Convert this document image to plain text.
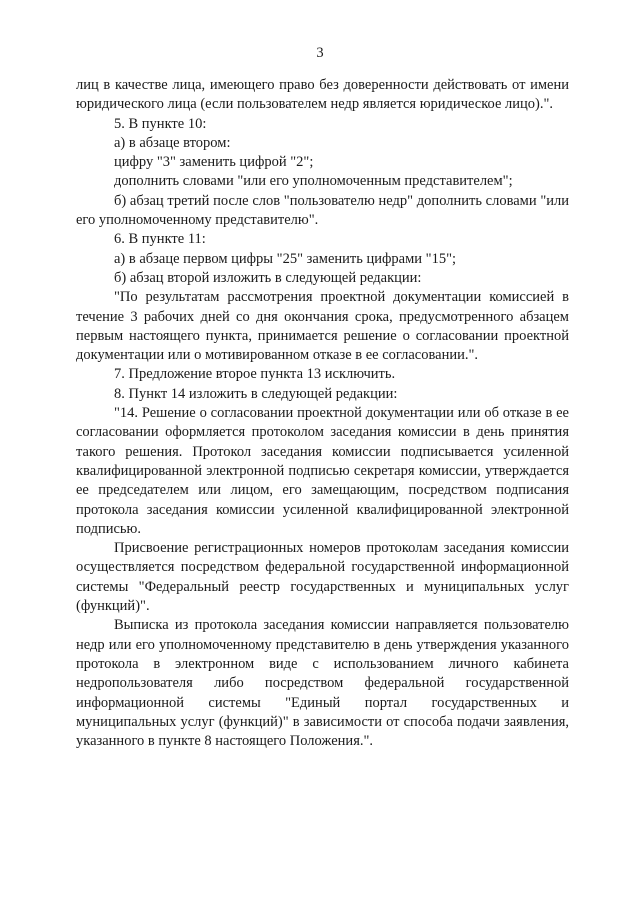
3

лиц в качестве лица, имеющего право без доверенности действовать от имени юридического лица (если пользователем недр является юридическое лицо).".

5. В пункте 10:

а) в абзаце втором:

цифру "3" заменить цифрой "2";

дополнить словами "или его уполномоченным представителем";

б) абзац третий после слов "пользователю недр" дополнить словами "или его уполномоченному представителю".

6. В пункте 11:

а) в абзаце первом цифры "25" заменить цифрами "15";

б) абзац второй изложить в следующей редакции:

"По результатам рассмотрения проектной документации комиссией в течение 3 рабочих дней со дня окончания срока, предусмотренного абзацем первым настоящего пункта, принимается решение о согласовании проектной документации или о мотивированном отказе в ее согласовании.".

7. Предложение второе пункта 13 исключить.

8. Пункт 14 изложить в следующей редакции:

"14. Решение о согласовании проектной документации или об отказе в ее согласовании оформляется протоколом заседания комиссии в день принятия такого решения. Протокол заседания комиссии подписывается усиленной квалифицированной электронной подписью секретаря комиссии, утверждается ее председателем или лицом, его замещающим, посредством подписания протокола заседания комиссии усиленной квалифицированной электронной подписью.

Присвоение регистрационных номеров протоколам заседания комиссии осуществляется посредством федеральной государственной информационной системы "Федеральный реестр государственных и муниципальных услуг (функций)".

Выписка из протокола заседания комиссии направляется пользователю недр или его уполномоченному представителю в день утверждения указанного протокола в электронном виде с использованием личного кабинета недропользователя либо посредством федеральной государственной информационной системы "Единый портал государственных и муниципальных услуг (функций)" в зависимости от способа подачи заявления, указанного в пункте 8 настоящего Положения.".
